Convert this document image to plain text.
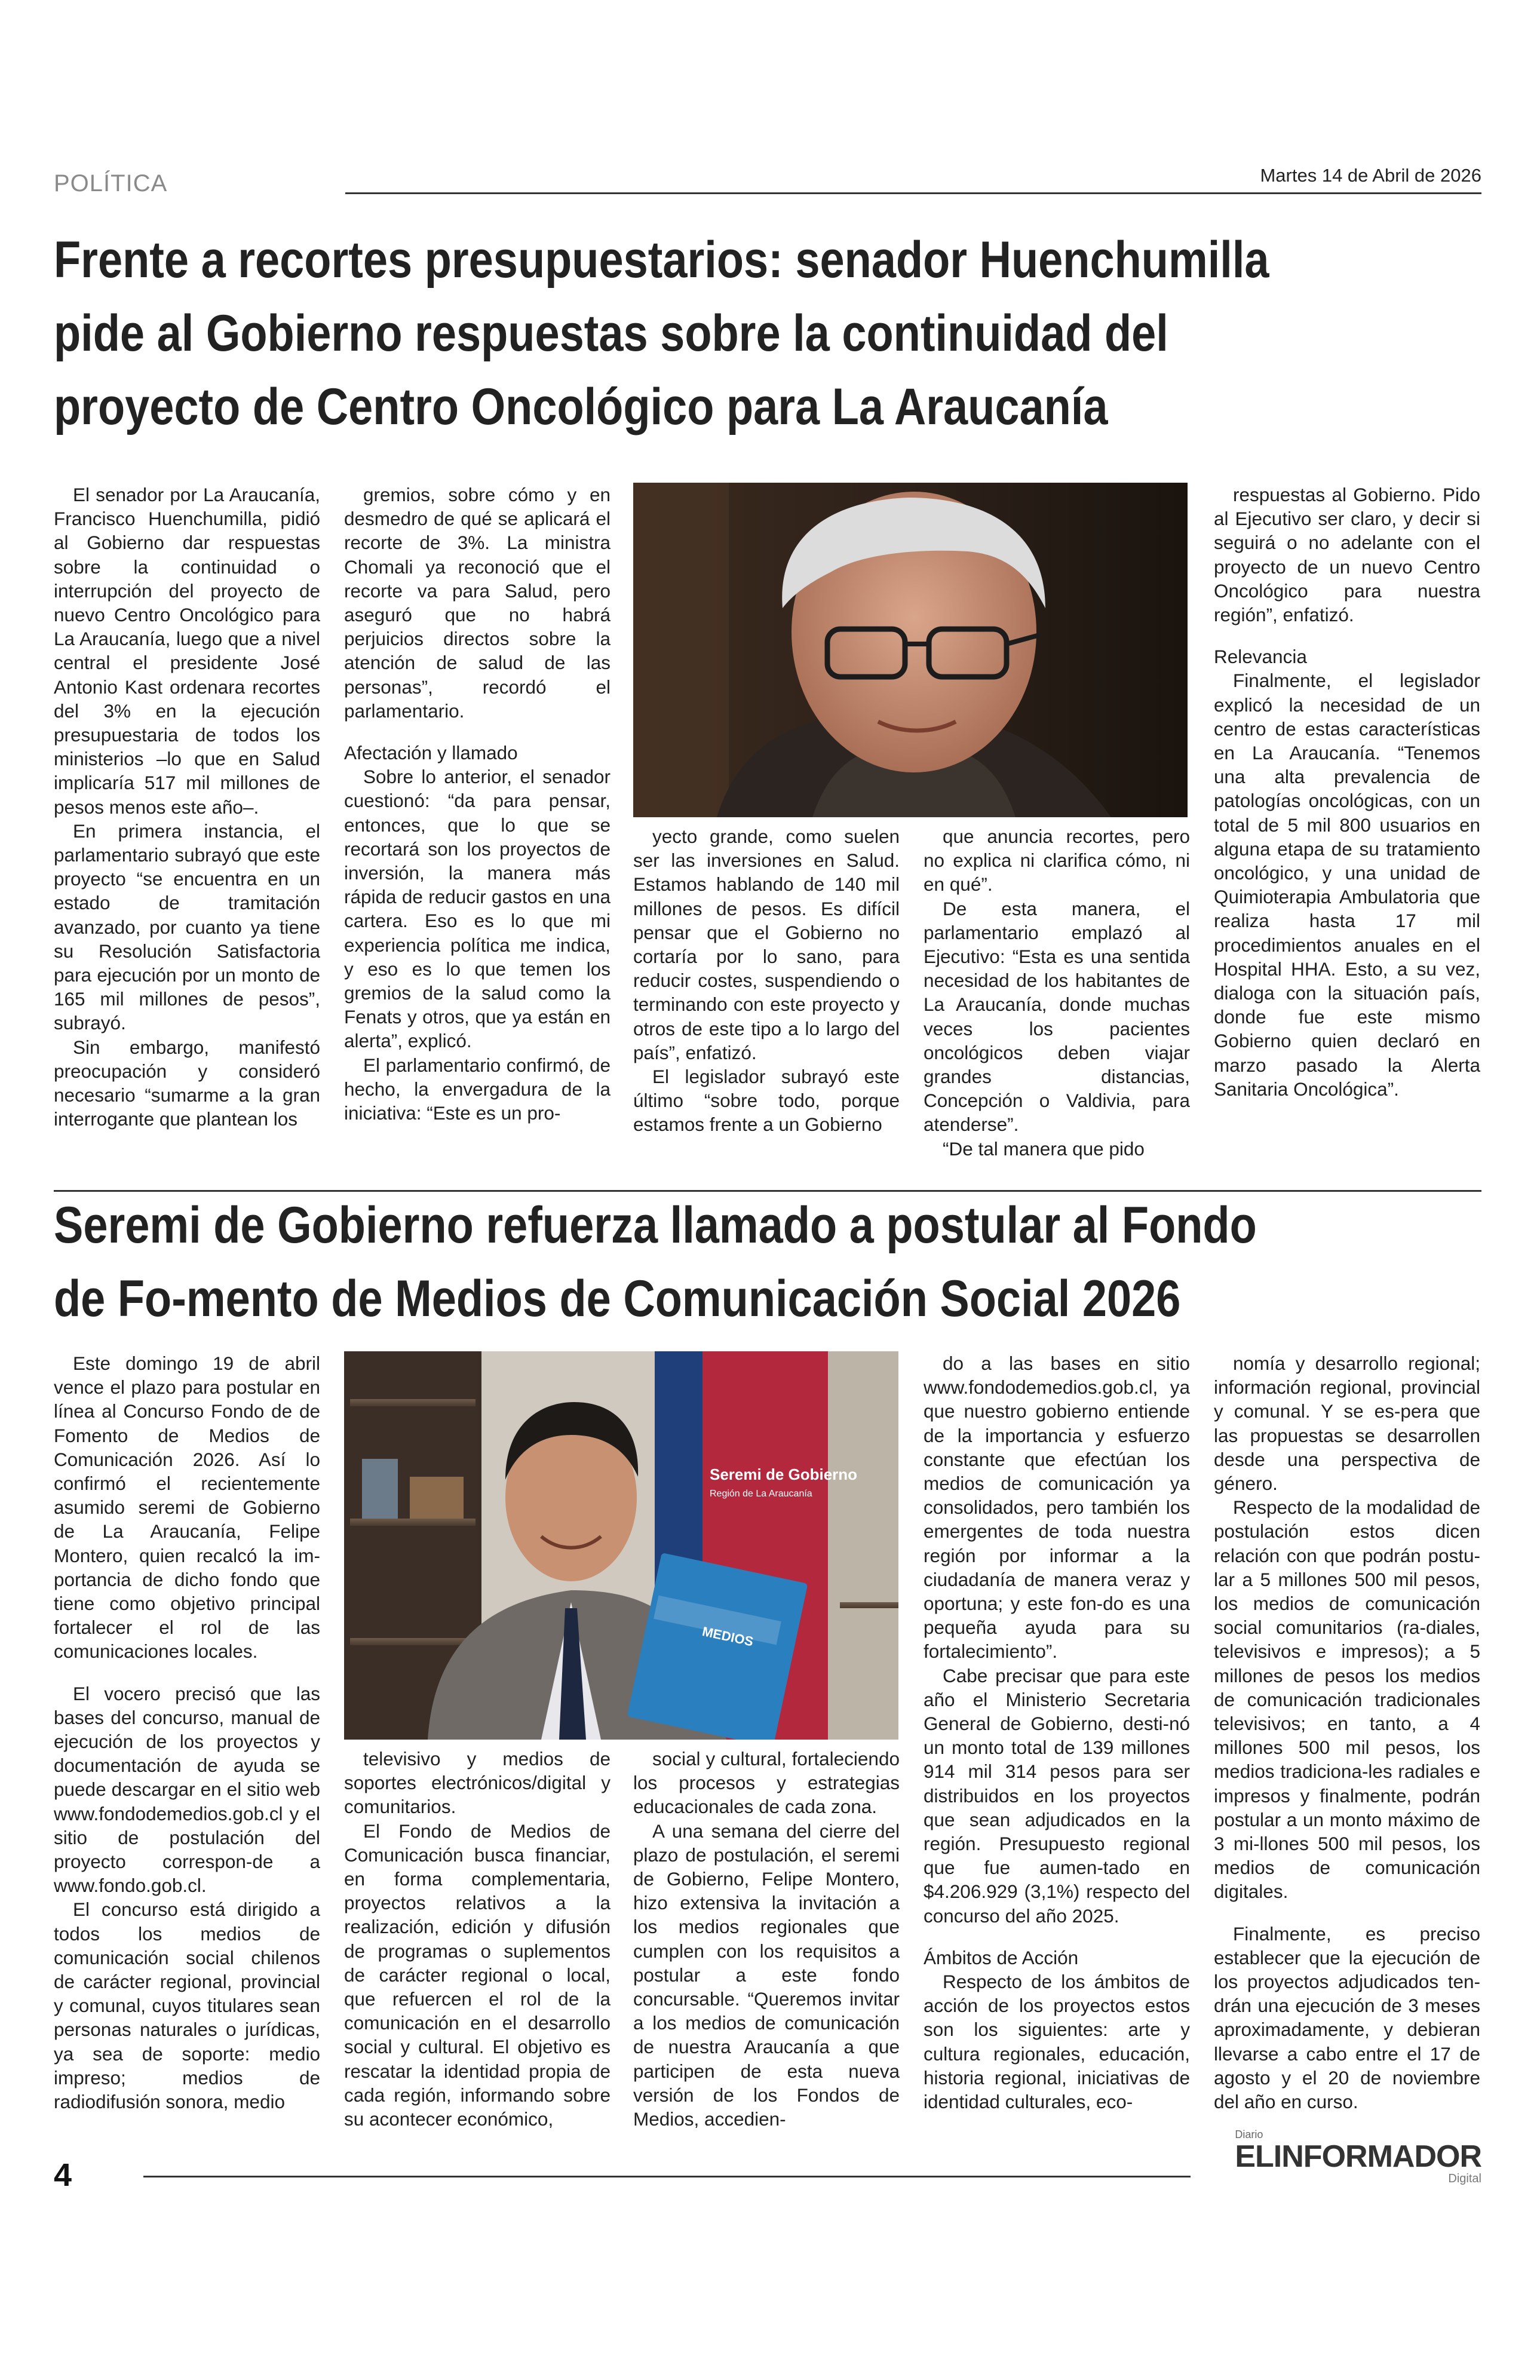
POLÍTICA	Martes 14 de Abril de 2026
Frente a recortes presupuestarios: senador Huenchumilla
pide al Gobierno respuestas sobre la continuidad del
proyecto de Centro Oncológico para La Araucanía

El senador por La Araucanía, Francisco Huenchumilla, pidió al Gobierno dar respuestas sobre la continuidad o interrupción del proyecto de nuevo Centro Oncológico para La Araucanía, luego que a nivel central el presidente José Antonio Kast ordenara recortes del 3% en la ejecución presupuestaria de todos los ministerios –lo que en Salud implicaría 517 mil millones de pesos menos este año–.

En primera instancia, el parlamentario subrayó que este proyecto “se encuentra en un estado de tramitación avanzado, por cuanto ya tiene su Resolución Satisfactoria para ejecución por un monto de 165 mil millones de pesos”, subrayó.

Sin embargo, manifestó preocupación y consideró necesario “sumarme a la gran interrogante que plantean los

gremios, sobre cómo y en desmedro de qué se aplicará el recorte de 3%. La ministra Chomali ya reconoció que el recorte va para Salud, pero aseguró que no habrá perjuicios directos sobre la atención de salud de las personas”, recordó el parlamentario.

Afectación y llamado

Sobre lo anterior, el senador cuestionó: “da para pensar, entonces, que lo que se recortará son los proyectos de inversión, la manera más rápida de reducir gastos en una cartera. Eso es lo que mi experiencia política me indica, y eso es lo que temen los gremios de la salud como la Fenats y otros, que ya están en alerta”, explicó.

El parlamentario confirmó, de hecho, la envergadura de la iniciativa: “Este es un pro-

yecto grande, como suelen ser las inversiones en Salud. Estamos hablando de 140 mil millones de pesos. Es difícil pensar que el Gobierno no cortaría por lo sano, para reducir costes, suspendiendo o terminando con este proyecto y otros de este tipo a lo largo del país”, enfatizó.

El legislador subrayó este último “sobre todo, porque estamos frente a un Gobierno

que anuncia recortes, pero no explica ni clarifica cómo, ni en qué”.

De esta manera, el parlamentario emplazó al Ejecutivo: “Esta es una sentida necesidad de los habitantes de La Araucanía, donde muchas veces los pacientes oncológicos deben viajar grandes distancias, Concepción o Valdivia, para atenderse”.

“De tal manera que pido

respuestas al Gobierno. Pido al Ejecutivo ser claro, y decir si seguirá o no adelante con el proyecto de un nuevo Centro Oncológico para nuestra región”, enfatizó.

Relevancia

Finalmente, el legislador explicó la necesidad de un centro de estas características en La Araucanía. “Tenemos una alta prevalencia de patologías oncológicas, con un total de 5 mil 800 usuarios en alguna etapa de su tratamiento oncológico, y una unidad de Quimioterapia Ambulatoria que realiza hasta 17 mil procedimientos anuales en el Hospital HHA. Esto, a su vez, dialoga con la situación país, donde fue este mismo Gobierno quien declaró en marzo pasado la Alerta Sanitaria Oncológica”.

Seremi de Gobierno refuerza llamado a postular al Fondo
de Fo-mento de Medios de Comunicación Social 2026

Este domingo 19 de abril vence el plazo para postular en línea al Concurso Fondo de de Fomento de Medios de Comunicación 2026. Así lo confirmó el recientemente asumido seremi de Gobierno de La Araucanía, Felipe Montero, quien recalcó la im-portancia de dicho fondo que tiene como objetivo principal fortalecer el rol de las comunicaciones locales.

El vocero precisó que las bases del concurso, manual de ejecución de los proyectos y documentación de ayuda se puede descargar en el sitio web www.fondodemedios.gob.cl y el sitio de postulación del proyecto correspon-de a www.fondo.gob.cl.

El concurso está dirigido a todos los medios de comunicación social chilenos de carácter regional, provincial y comunal, cuyos titulares sean personas naturales o jurídicas, ya sea de soporte: medio impreso; medios de radiodifusión sonora, medio

MEDIOS
Seremi de Gobierno
Región de La Araucanía

televisivo y medios de soportes electrónicos/digital y comunitarios.

El Fondo de Medios de Comunicación busca financiar, en forma complementaria, proyectos relativos a la realización, edición y difusión de programas o suplementos de carácter regional o local, que refuercen el rol de la comunicación en el desarrollo social y cultural. El objetivo es rescatar la identidad propia de cada región, informando sobre su acontecer económico,

social y cultural, fortaleciendo los procesos y estrategias educacionales de cada zona.

A una semana del cierre del plazo de postulación, el seremi de Gobierno, Felipe Montero, hizo extensiva la invitación a los medios regionales que cumplen con los requisitos a postular a este fondo concursable. “Queremos invitar a los medios de comunicación de nuestra Araucanía a que participen de esta nueva versión de los Fondos de Medios, accedien-

do a las bases en sitio www.fondodemedios.gob.cl, ya que nuestro gobierno entiende de la importancia y esfuerzo constante que efectúan los medios de comunicación ya consolidados, pero también los emergentes de toda nuestra región por informar a la ciudadanía de manera veraz y oportuna; y este fon-do es una pequeña ayuda para su fortalecimiento”.

Cabe precisar que para este año el Ministerio Secretaria General de Gobierno, desti-nó un monto total de 139 millones 914 mil 314 pesos para ser distribuidos en los proyectos que sean adjudicados en la región. Presupuesto regional que fue aumen-tado en $4.206.929 (3,1%) respecto del concurso del año 2025.

Ámbitos de Acción

Respecto de los ámbitos de acción de los proyectos estos son los siguientes: arte y cultura regionales, educación, historia regional, iniciativas de identidad culturales, eco-

nomía y desarrollo regional; información regional, provincial y comunal. Y se es-pera que las propuestas se desarrollen desde una perspectiva de género.

Respecto de la modalidad de postulación estos dicen relación con que podrán postu-lar a 5 millones 500 mil pesos, los medios de comunicación social comunitarios (ra-diales, televisivos e impresos); a 5 millones de pesos los medios de comunicación tradicionales televisivos; en tanto, a 4 millones 500 mil pesos, los medios tradiciona-les radiales e impresos y finalmente, podrán postular a un monto máximo de 3 mi-llones 500 mil pesos, los medios de comunicación digitales.

Finalmente, es preciso establecer que la ejecución de los proyectos adjudicados ten-drán una ejecución de 3 meses aproximadamente, y debieran llevarse a cabo entre el 17 de agosto y el 20 de noviembre del año en curso.

4
Diario
ELINFORMADOR
Digital
